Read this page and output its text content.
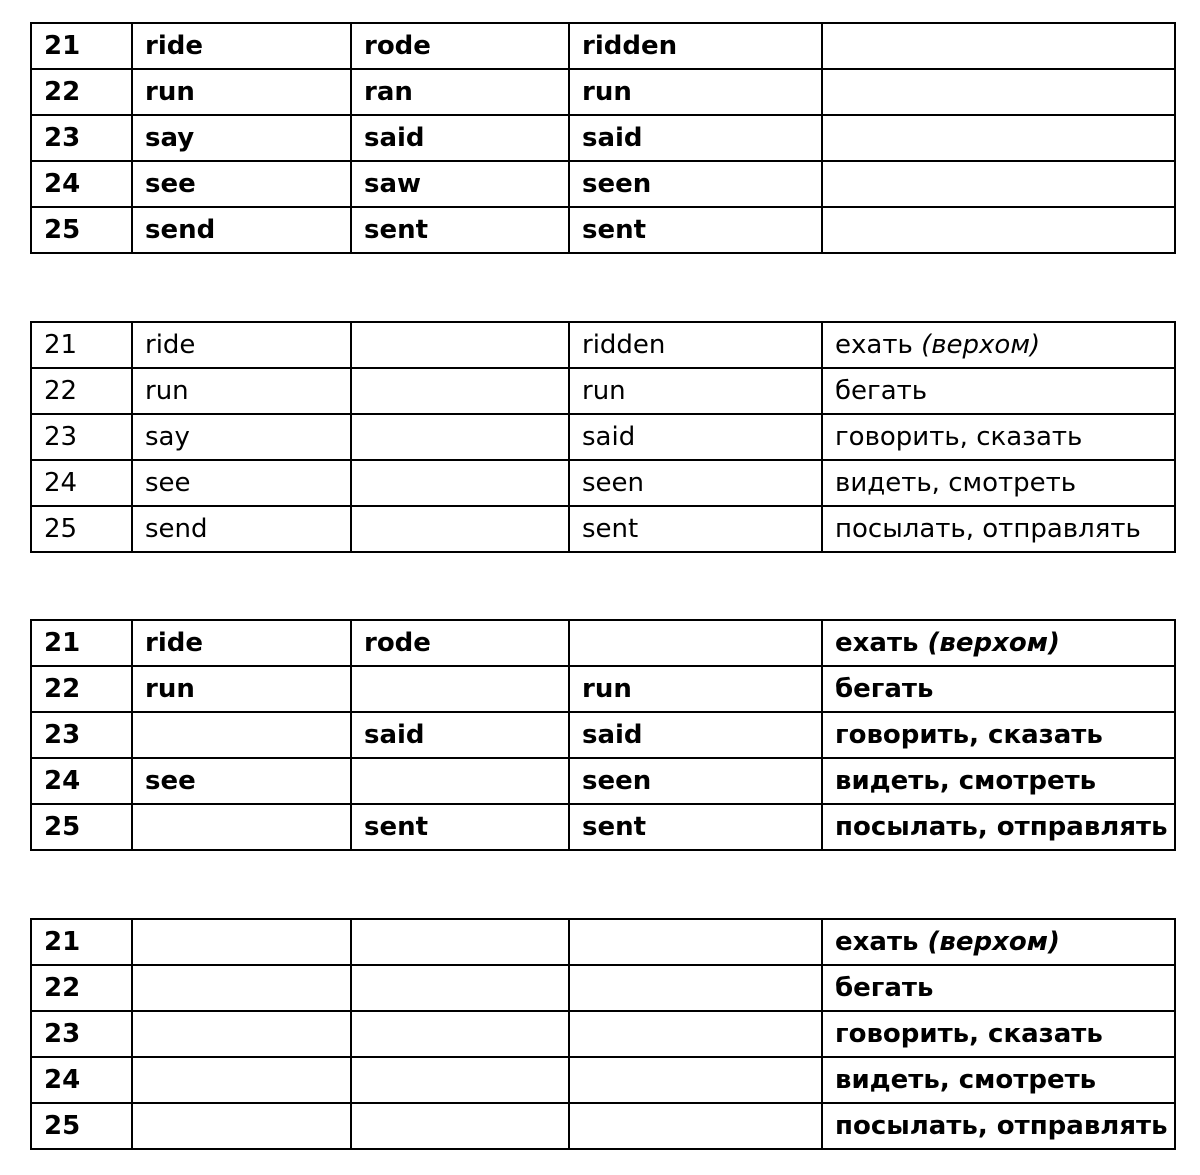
21	ride	rode	ridden	
22	run	ran	run	
23	say	said	said	
24	see	saw	seen	
25	send	sent	sent	
21	ride		ridden	ехать (верхом)
22	run		run	бегать
23	say		said	говорить, сказать
24	see		seen	видеть, смотреть
25	send		sent	посылать, отправлять
21	ride	rode		ехать (верхом)
22	run		run	бегать
23		said	said	говорить, сказать
24	see		seen	видеть, смотреть
25		sent	sent	посылать, отправлять
21				ехать (верхом)
22				бегать
23				говорить, сказать
24				видеть, смотреть
25				посылать, отправлять
